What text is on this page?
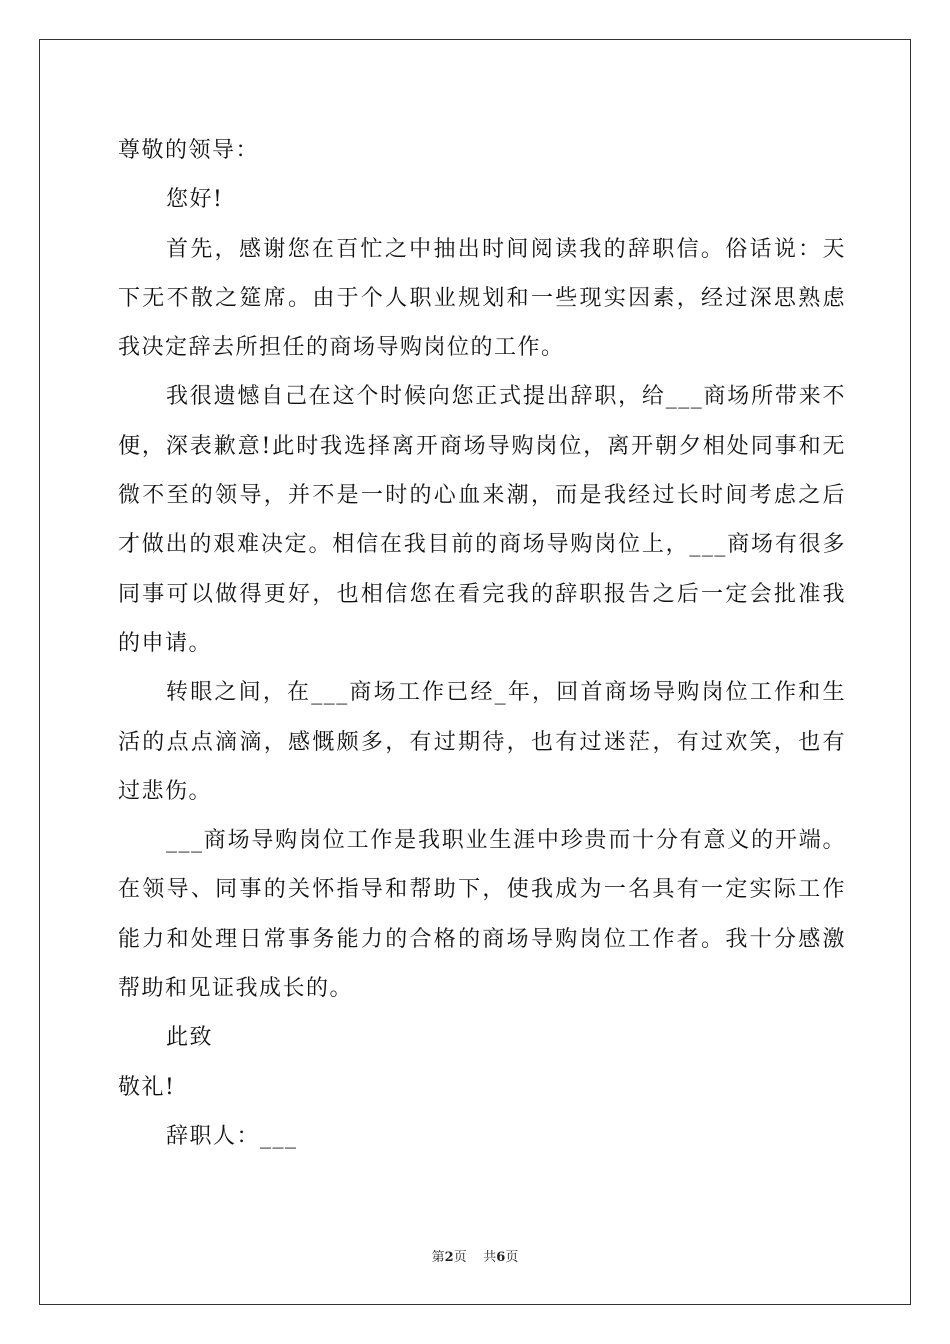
尊敬的领导：

您好!

首先，感谢您在百忙之中抽出时间阅读我的辞职信。俗话说：天下无不散之筵席。由于个人职业规划和一些现实因素，经过深思熟虑我决定辞去所担任的商场导购岗位的工作。

我很遗憾自己在这个时候向您正式提出辞职，给___商场所带来不便，深表歉意!此时我选择离开商场导购岗位，离开朝夕相处同事和无微不至的领导，并不是一时的心血来潮，而是我经过长时间考虑之后才做出的艰难决定。相信在我目前的商场导购岗位上，___商场有很多同事可以做得更好，也相信您在看完我的辞职报告之后一定会批准我的申请。

转眼之间，在___商场工作已经_年，回首商场导购岗位工作和生活的点点滴滴，感慨颇多，有过期待，也有过迷茫，有过欢笑，也有过悲伤。

___商场导购岗位工作是我职业生涯中珍贵而十分有意义的开端。在领导、同事的关怀指导和帮助下，使我成为一名具有一定实际工作能力和处理日常事务能力的合格的商场导购岗位工作者。我十分感激帮助和见证我成长的。

此致

敬礼!

辞职人：___

第2页 共6页
